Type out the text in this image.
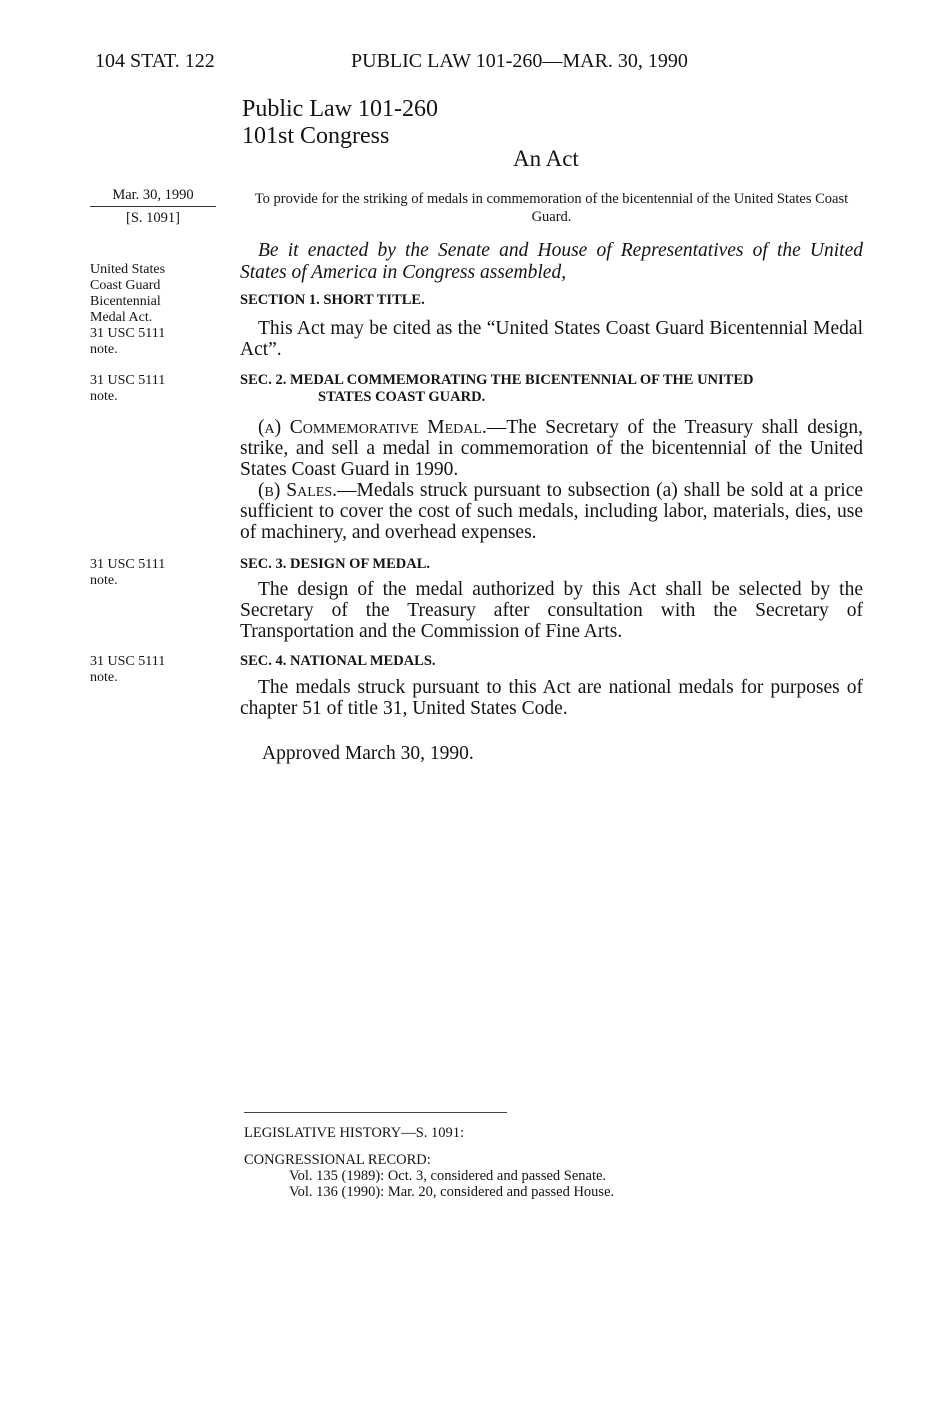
104 STAT. 122	PUBLIC LAW 101-260—MAR. 30, 1990
Public Law 101-260
101st Congress
An Act
Mar. 30, 1990
[S. 1091]
To provide for the striking of medals in commemoration of the bicentennial of the United States Coast Guard.
Be it enacted by the Senate and House of Representatives of the United States of America in Congress assembled,
United States
Coast Guard
Bicentennial
Medal Act.
31 USC 5111
note.
31 USC 5111
note.
31 USC 5111
note.
31 USC 5111
note.
SECTION 1. SHORT TITLE.
This Act may be cited as the “United States Coast Guard Bicentennial Medal Act”.
SEC. 2. MEDAL COMMEMORATING THE BICENTENNIAL OF THE UNITED
STATES COAST GUARD.
(a) Commemorative Medal.—The Secretary of the Treasury shall design, strike, and sell a medal in commemoration of the bicentennial of the United States Coast Guard in 1990.
(b) Sales.—Medals struck pursuant to subsection (a) shall be sold at a price sufficient to cover the cost of such medals, including labor, materials, dies, use of machinery, and overhead expenses.
SEC. 3. DESIGN OF MEDAL.
The design of the medal authorized by this Act shall be selected by the Secretary of the Treasury after consultation with the Secretary of Transportation and the Commission of Fine Arts.
SEC. 4. NATIONAL MEDALS.
The medals struck pursuant to this Act are national medals for purposes of chapter 51 of title 31, United States Code.
Approved March 30, 1990.
LEGISLATIVE HISTORY—S. 1091:
CONGRESSIONAL RECORD:
Vol. 135 (1989): Oct. 3, considered and passed Senate.
Vol. 136 (1990): Mar. 20, considered and passed House.
